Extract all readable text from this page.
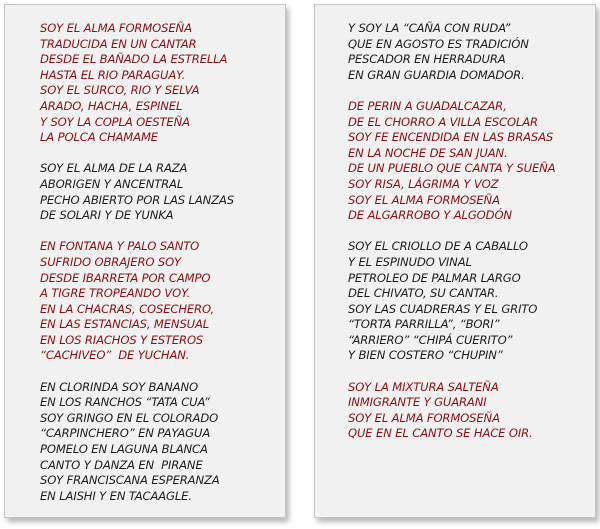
SOY EL ALMA FORMOSEÑA
TRADUCIDA EN UN CANTAR
DESDE EL BAÑADO LA ESTRELLA
HASTA EL RIO PARAGUAY.
SOY EL SURCO, RIO Y SELVA
ARADO, HACHA, ESPINEL
Y SOY LA COPLA OESTEÑA
LA POLCA CHAMAME
SOY EL ALMA DE LA RAZA
ABORIGEN Y ANCENTRAL
PECHO ABIERTO POR LAS LANZAS
DE SOLARI Y DE YUNKA
EN FONTANA Y PALO SANTO
SUFRIDO OBRAJERO SOY
DESDE IBARRETA POR CAMPO
A TIGRE TROPEANDO VOY.
EN LA CHACRAS, COSECHERO,
EN LAS ESTANCIAS, MENSUAL
EN LOS RIACHOS Y ESTEROS
“CACHIVEO”  DE YUCHAN.
EN CLORINDA SOY BANANO
EN LOS RANCHOS “TATA CUA”
SOY GRINGO EN EL COLORADO
“CARPINCHERO” EN PAYAGUA
POMELO EN LAGUNA BLANCA
CANTO Y DANZA EN  PIRANE
SOY FRANCISCANA ESPERANZA
EN LAISHI Y EN TACAAGLE.
Y SOY LA “CAÑA CON RUDA”
QUE EN AGOSTO ES TRADICIÓN
PESCADOR EN HERRADURA
EN GRAN GUARDIA DOMADOR.
DE PERIN A GUADALCAZAR,
DE EL CHORRO A VILLA ESCOLAR
SOY FE ENCENDIDA EN LAS BRASAS
EN LA NOCHE DE SAN JUAN.
DE UN PUEBLO QUE CANTA Y SUEÑA
SOY RISA, LÁGRIMA Y VOZ
SOY EL ALMA FORMOSEÑA
DE ALGARROBO Y ALGODÓN
SOY EL CRIOLLO DE A CABALLO
Y EL ESPINUDO VINAL
PETROLEO DE PALMAR LARGO
DEL CHIVATO, SU CANTAR.
SOY LAS CUADRERAS Y EL GRITO
“TORTA PARRILLA”, “BORI”
“ARRIERO” “CHIPÁ CUERITO”
Y BIEN COSTERO “CHUPIN”
SOY LA MIXTURA SALTEÑA
INMIGRANTE Y GUARANI
SOY EL ALMA FORMOSEÑA
QUE EN EL CANTO SE HACE OIR.
